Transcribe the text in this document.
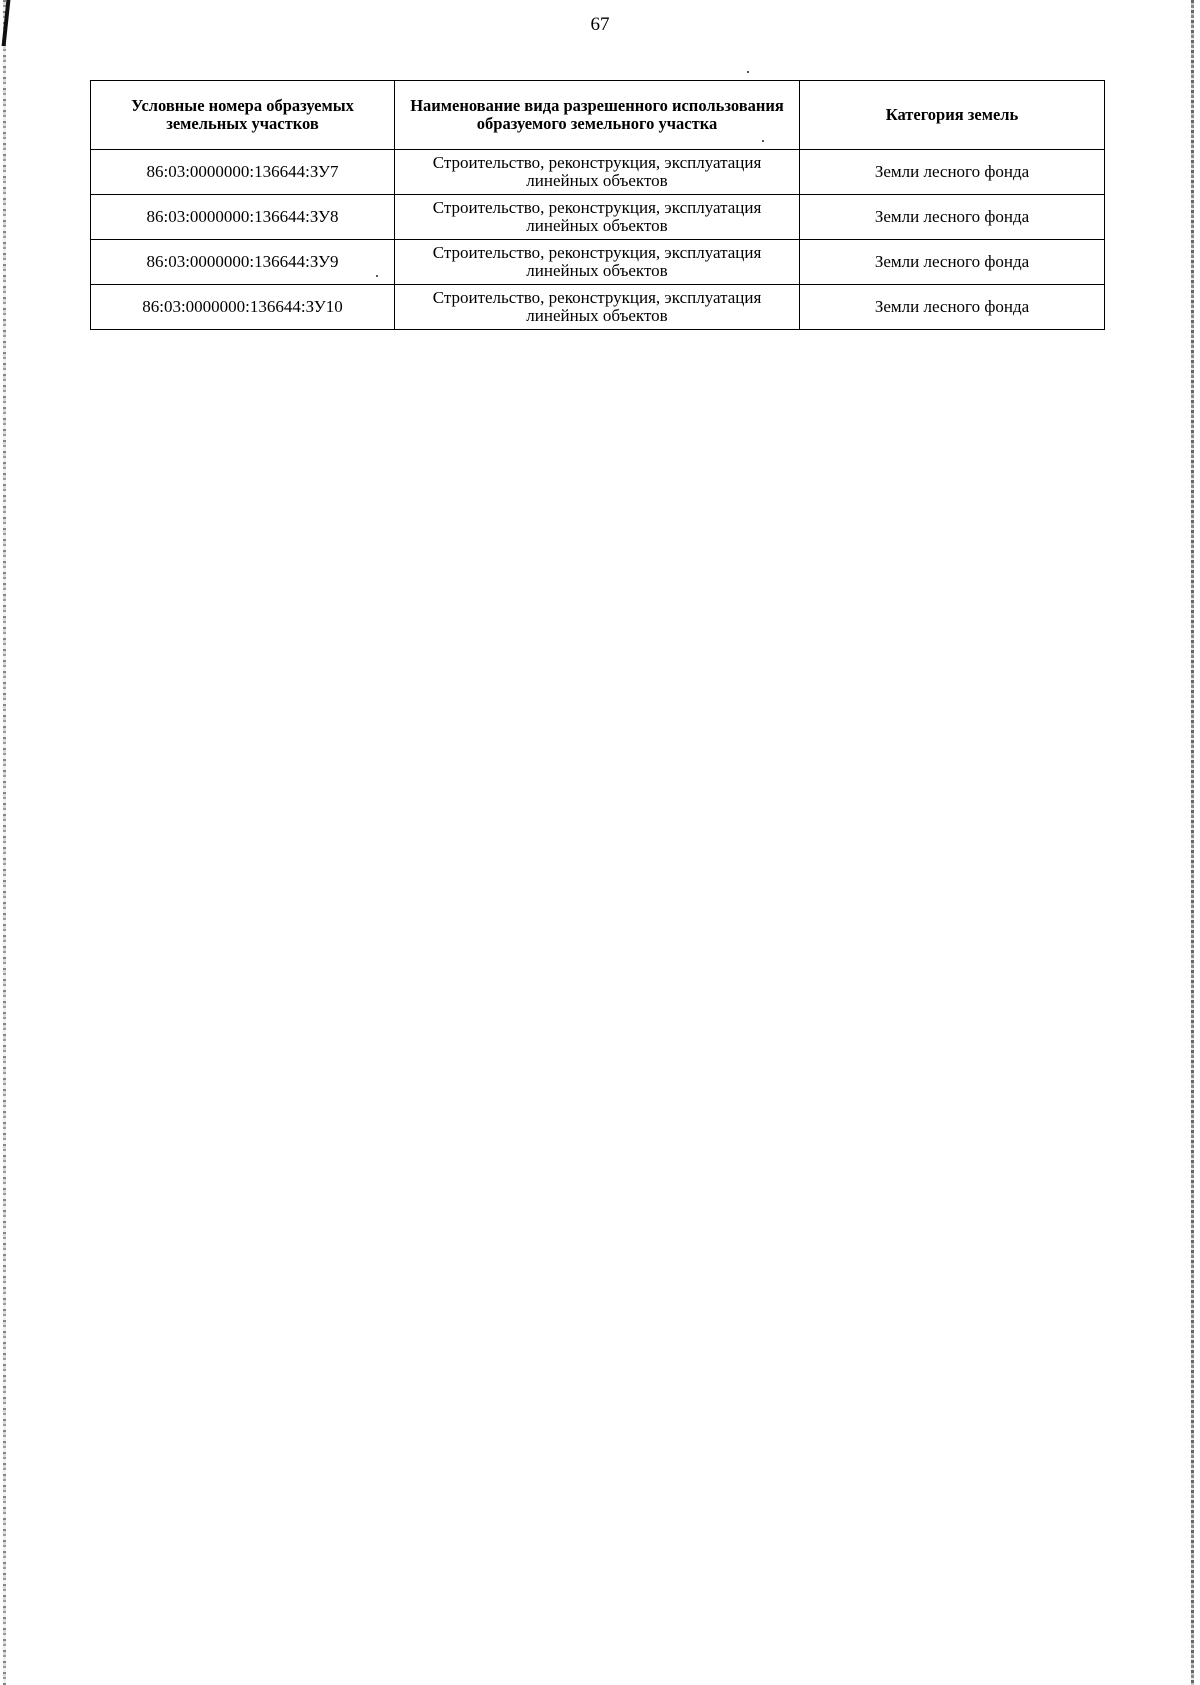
67
Условные номера образуемых земельных участков	Наименование вида разрешенного использования образуемого земельного участка	Категория земель
86:03:0000000:136644:ЗУ7	Строительство, реконструкция, эксплуатация линейных объектов	Земли лесного фонда
86:03:0000000:136644:ЗУ8	Строительство, реконструкция, эксплуатация линейных объектов	Земли лесного фонда
86:03:0000000:136644:ЗУ9	Строительство, реконструкция, эксплуатация линейных объектов	Земли лесного фонда
86:03:0000000:136644:ЗУ10	Строительство, реконструкция, эксплуатация линейных объектов	Земли лесного фонда
